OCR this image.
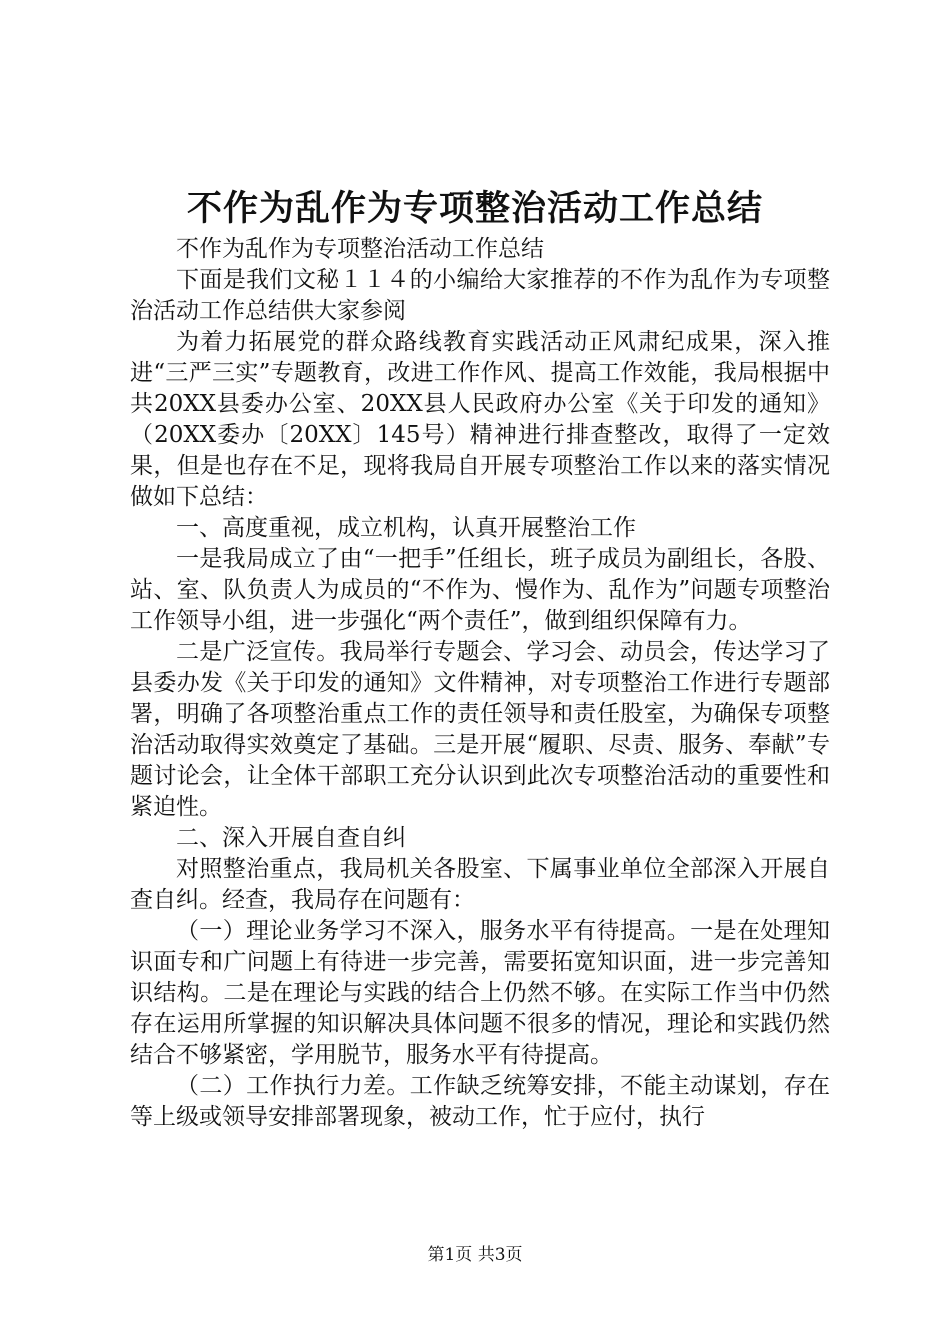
不作为乱作为专项整治活动工作总结

不作为乱作为专项整治活动工作总结

下面是我们文秘１１４的小编给大家推荐的不作为乱作为专项整治活动工作总结供大家参阅

为着力拓展党的群众路线教育实践活动正风肃纪成果，深入推进“三严三实”专题教育，改进工作作风、提高工作效能，我局根据中共20XX县委办公室、20XX县人民政府办公室《关于印发的通知》（20XX委办〔20XX〕145号）精神进行排查整改，取得了一定效果，但是也存在不足，现将我局自开展专项整治工作以来的落实情况做如下总结：

一、高度重视，成立机构，认真开展整治工作

一是我局成立了由“一把手”任组长，班子成员为副组长，各股、站、室、队负责人为成员的“不作为、慢作为、乱作为”问题专项整治工作领导小组，进一步强化“两个责任”，做到组织保障有力。

二是广泛宣传。我局举行专题会、学习会、动员会，传达学习了县委办发《关于印发的通知》文件精神，对专项整治工作进行专题部署，明确了各项整治重点工作的责任领导和责任股室，为确保专项整治活动取得实效奠定了基础。三是开展“履职、尽责、服务、奉献”专题讨论会，让全体干部职工充分认识到此次专项整治活动的重要性和紧迫性。

二、深入开展自查自纠

对照整治重点，我局机关各股室、下属事业单位全部深入开展自查自纠。经查，我局存在问题有：

（一）理论业务学习不深入，服务水平有待提高。一是在处理知识面专和广问题上有待进一步完善，需要拓宽知识面，进一步完善知识结构。二是在理论与实践的结合上仍然不够。在实际工作当中仍然存在运用所掌握的知识解决具体问题不很多的情况，理论和实践仍然结合不够紧密，学用脱节，服务水平有待提高。

（二）工作执行力差。工作缺乏统筹安排，不能主动谋划，存在等上级或领导安排部署现象，被动工作，忙于应付，执行

第1页 共3页
